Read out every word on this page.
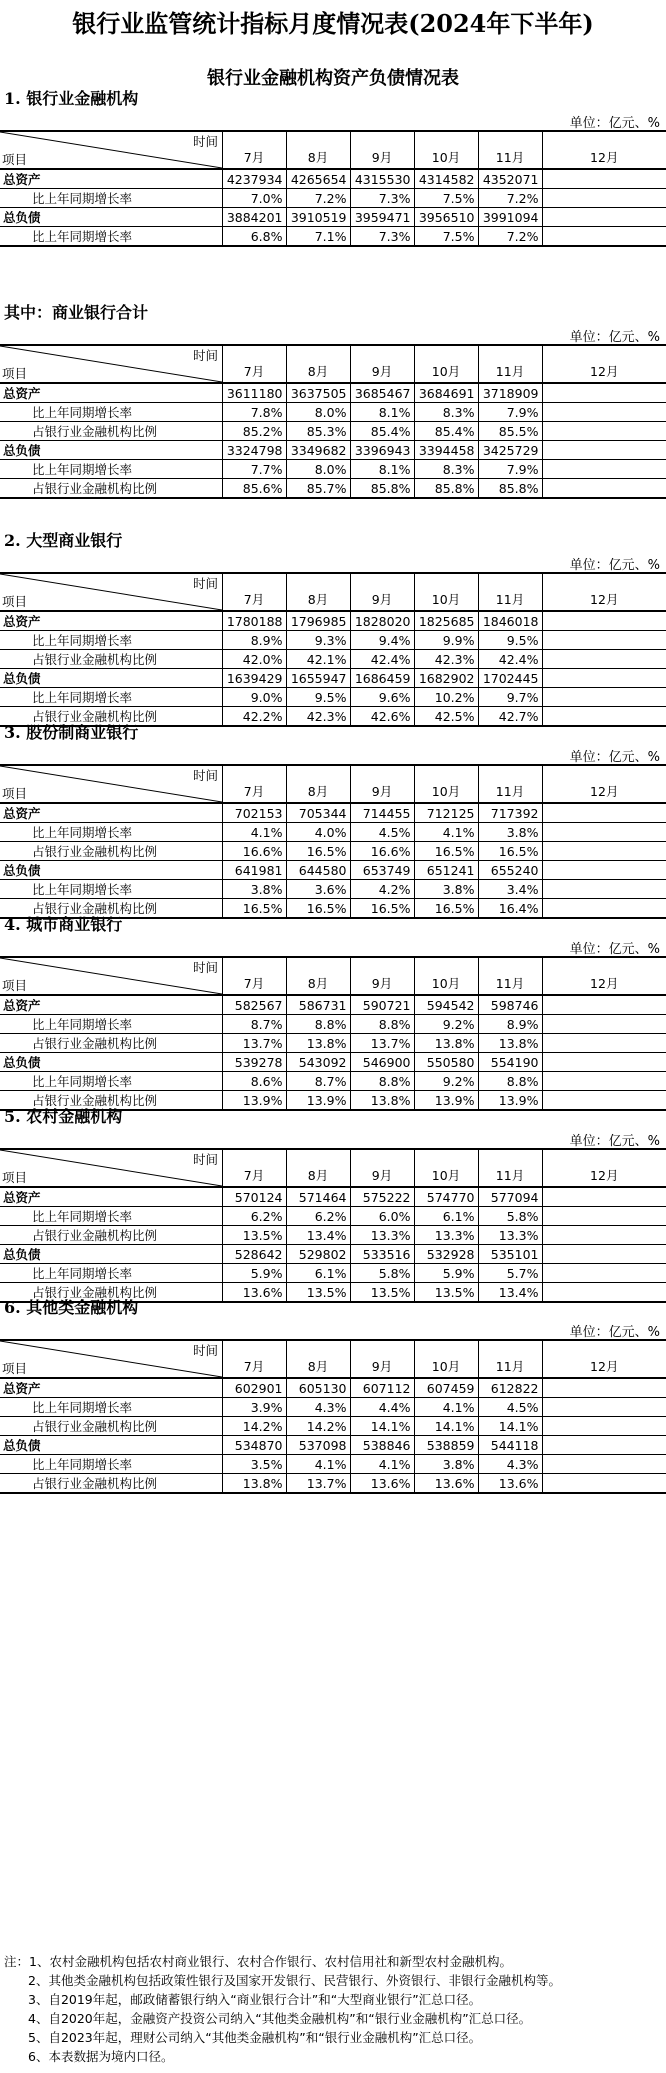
银行业监管统计指标月度情况表(2024年下半年)
银行业金融机构资产负债情况表
1. 银行业金融机构
单位：亿元、%
时间
项目	7月	8月	9月	10月	11月	12月
总资产	4237934	4265654	4315530	4314582	4352071	
比上年同期增长率	7.0%	7.2%	7.3%	7.5%	7.2%	
总负债	3884201	3910519	3959471	3956510	3991094	
比上年同期增长率	6.8%	7.1%	7.3%	7.5%	7.2%	
其中：商业银行合计
单位：亿元、%
时间
项目	7月	8月	9月	10月	11月	12月
总资产	3611180	3637505	3685467	3684691	3718909	
比上年同期增长率	7.8%	8.0%	8.1%	8.3%	7.9%	
占银行业金融机构比例	85.2%	85.3%	85.4%	85.4%	85.5%	
总负债	3324798	3349682	3396943	3394458	3425729	
比上年同期增长率	7.7%	8.0%	8.1%	8.3%	7.9%	
占银行业金融机构比例	85.6%	85.7%	85.8%	85.8%	85.8%	
2. 大型商业银行
单位：亿元、%
时间
项目	7月	8月	9月	10月	11月	12月
总资产	1780188	1796985	1828020	1825685	1846018	
比上年同期增长率	8.9%	9.3%	9.4%	9.9%	9.5%	
占银行业金融机构比例	42.0%	42.1%	42.4%	42.3%	42.4%	
总负债	1639429	1655947	1686459	1682902	1702445	
比上年同期增长率	9.0%	9.5%	9.6%	10.2%	9.7%	
占银行业金融机构比例	42.2%	42.3%	42.6%	42.5%	42.7%	
3. 股份制商业银行
单位：亿元、%
时间
项目	7月	8月	9月	10月	11月	12月
总资产	702153	705344	714455	712125	717392	
比上年同期增长率	4.1%	4.0%	4.5%	4.1%	3.8%	
占银行业金融机构比例	16.6%	16.5%	16.6%	16.5%	16.5%	
总负债	641981	644580	653749	651241	655240	
比上年同期增长率	3.8%	3.6%	4.2%	3.8%	3.4%	
占银行业金融机构比例	16.5%	16.5%	16.5%	16.5%	16.4%	
4. 城市商业银行
单位：亿元、%
时间
项目	7月	8月	9月	10月	11月	12月
总资产	582567	586731	590721	594542	598746	
比上年同期增长率	8.7%	8.8%	8.8%	9.2%	8.9%	
占银行业金融机构比例	13.7%	13.8%	13.7%	13.8%	13.8%	
总负债	539278	543092	546900	550580	554190	
比上年同期增长率	8.6%	8.7%	8.8%	9.2%	8.8%	
占银行业金融机构比例	13.9%	13.9%	13.8%	13.9%	13.9%	
5. 农村金融机构
单位：亿元、%
时间
项目	7月	8月	9月	10月	11月	12月
总资产	570124	571464	575222	574770	577094	
比上年同期增长率	6.2%	6.2%	6.0%	6.1%	5.8%	
占银行业金融机构比例	13.5%	13.4%	13.3%	13.3%	13.3%	
总负债	528642	529802	533516	532928	535101	
比上年同期增长率	5.9%	6.1%	5.8%	5.9%	5.7%	
占银行业金融机构比例	13.6%	13.5%	13.5%	13.5%	13.4%	
6. 其他类金融机构
单位：亿元、%
时间
项目	7月	8月	9月	10月	11月	12月
总资产	602901	605130	607112	607459	612822	
比上年同期增长率	3.9%	4.3%	4.4%	4.1%	4.5%	
占银行业金融机构比例	14.2%	14.2%	14.1%	14.1%	14.1%	
总负债	534870	537098	538846	538859	544118	
比上年同期增长率	3.5%	4.1%	4.1%	3.8%	4.3%	
占银行业金融机构比例	13.8%	13.7%	13.6%	13.6%	13.6%	
注：1、农村金融机构包括农村商业银行、农村合作银行、农村信用社和新型农村金融机构。
2、其他类金融机构包括政策性银行及国家开发银行、民营银行、外资银行、非银行金融机构等。
3、自2019年起，邮政储蓄银行纳入“商业银行合计”和“大型商业银行”汇总口径。
4、自2020年起，金融资产投资公司纳入“其他类金融机构”和“银行业金融机构”汇总口径。
5、自2023年起，理财公司纳入“其他类金融机构”和“银行业金融机构”汇总口径。
6、本表数据为境内口径。
